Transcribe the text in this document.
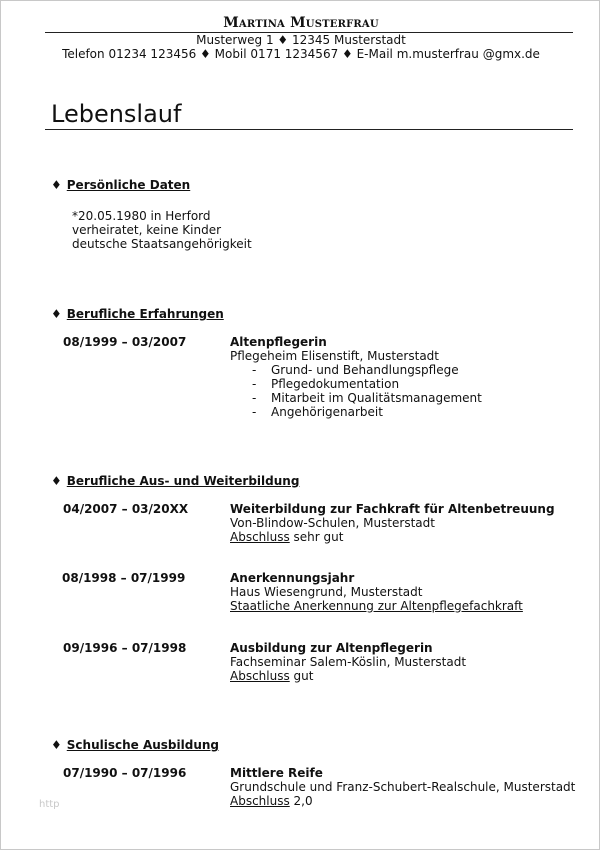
Martina Musterfrau
Musterweg 1 ♦ 12345 Musterstadt
Telefon 01234 123456 ♦ Mobil 0171 1234567 ♦ E-Mail m.musterfrau @gmx.de
Lebenslauf
♦ Persönliche Daten
*20.05.1980 in Herford
verheiratet, keine Kinder
deutsche Staatsangehörigkeit
♦ Berufliche Erfahrungen
08/1999 – 03/2007	Altenpflegerin
Pflegeheim Elisenstift, Musterstadt
- Grund- und Behandlungspflege
- Pflegedokumentation
- Mitarbeit im Qualitätsmanagement
- Angehörigenarbeit
♦ Berufliche Aus- und Weiterbildung
04/2007 – 03/20XX	Weiterbildung zur Fachkraft für Altenbetreuung
Von-Blindow-Schulen, Musterstadt
Abschluss sehr gut
08/1998 – 07/1999	Anerkennungsjahr
Haus Wiesengrund, Musterstadt
Staatliche Anerkennung zur Altenpflegefachkraft
09/1996 – 07/1998	Ausbildung zur Altenpflegerin
Fachseminar Salem-Köslin, Musterstadt
Abschluss gut
♦ Schulische Ausbildung
07/1990 – 07/1996	Mittlere Reife
Grundschule und Franz-Schubert-Realschule, Musterstadt
Abschluss 2,0
http
